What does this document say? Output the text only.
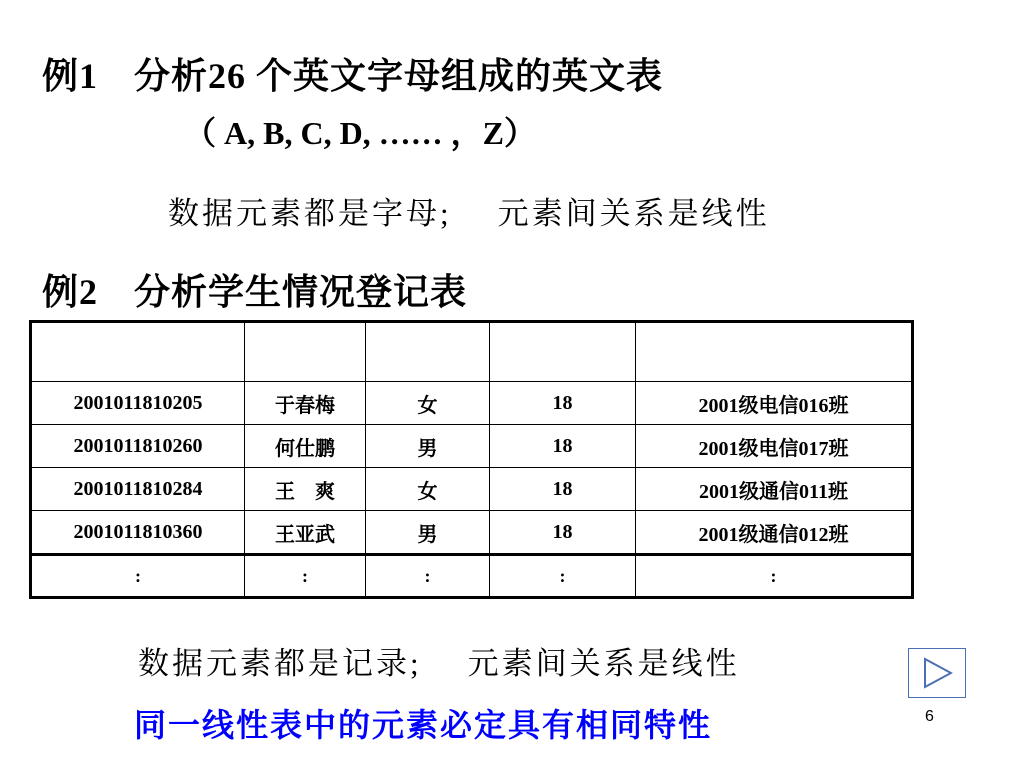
例1 分析26 个英文字母组成的英文表
（ A, B, C, D, …… ，Z）
数据元素都是字母; 元素间关系是线性
例2 分析学生情况登记表

2001011810205	于春梅	女	18	2001级电信016班
2001011810260	何仕鹏	男	18	2001级电信017班
2001011810284	王　爽	女	18	2001级通信011班
2001011810360	王亚武	男	18	2001级通信012班
:	:	:	:	:
数据元素都是记录; 元素间关系是线性
同一线性表中的元素必定具有相同特性	6
